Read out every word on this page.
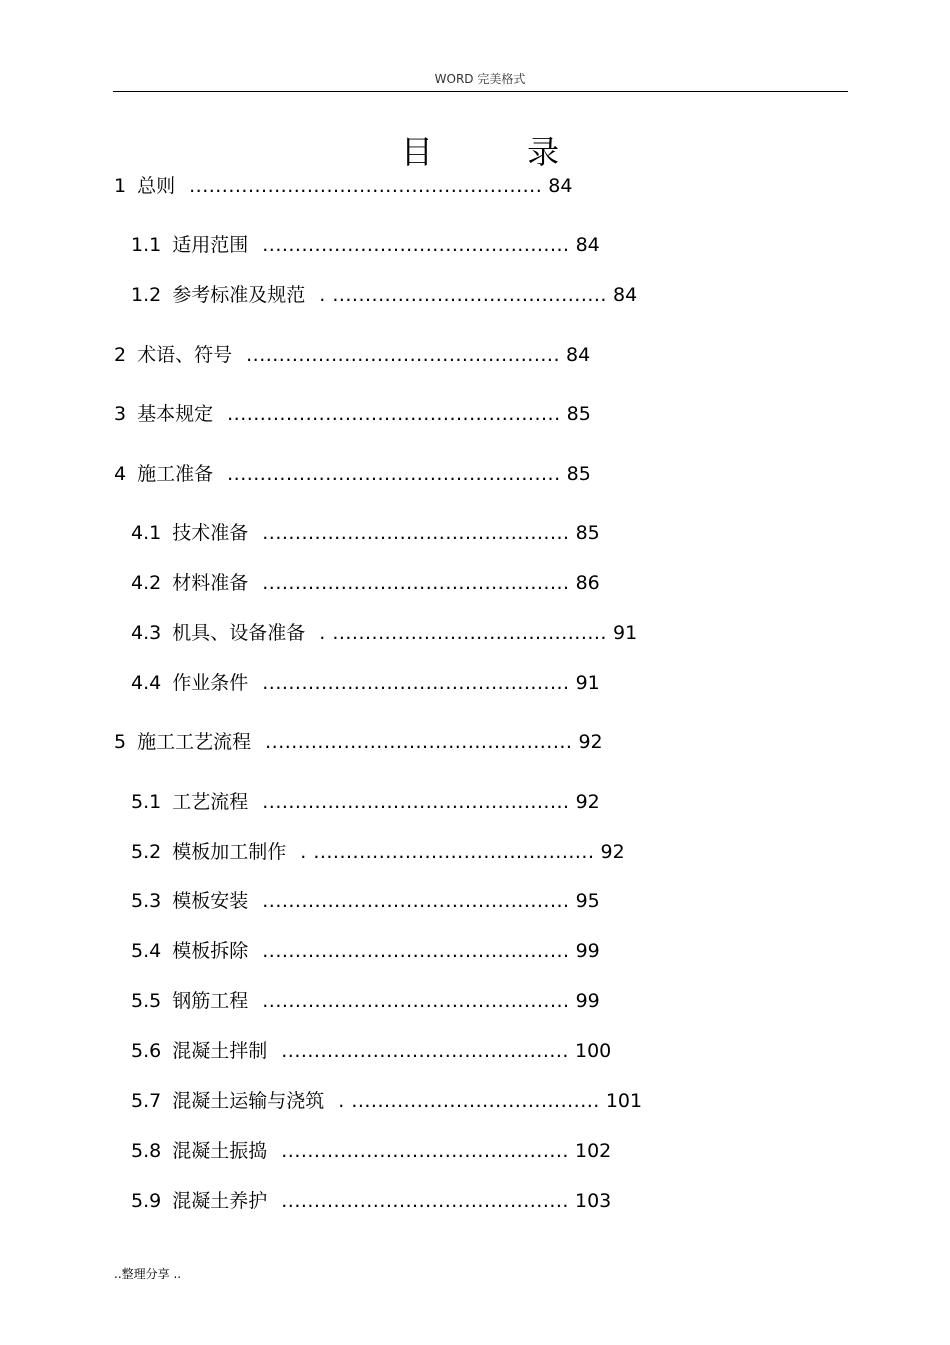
WORD 完美格式
目 录
1 总则 ...................................................... 84
1.1 适用范围 ............................................... 84
1.2 参考标准及规范 . .......................................... 84
2 术语、符号 ................................................ 84
3 基本规定 ................................................... 85
4 施工准备 ................................................... 85
4.1 技术准备 ............................................... 85
4.2 材料准备 ............................................... 86
4.3 机具、设备准备 . .......................................... 91
4.4 作业条件 ............................................... 91
5 施工工艺流程 ............................................... 92
5.1 工艺流程 ............................................... 92
5.2 模板加工制作 . ........................................... 92
5.3 模板安装 ............................................... 95
5.4 模板拆除 ............................................... 99
5.5 钢筋工程 ............................................... 99
5.6 混凝土拌制 ............................................ 100
5.7 混凝土运输与浇筑 . ...................................... 101
5.8 混凝土振捣 ............................................ 102
5.9 混凝土养护 ............................................ 103
..整理分享 ..
